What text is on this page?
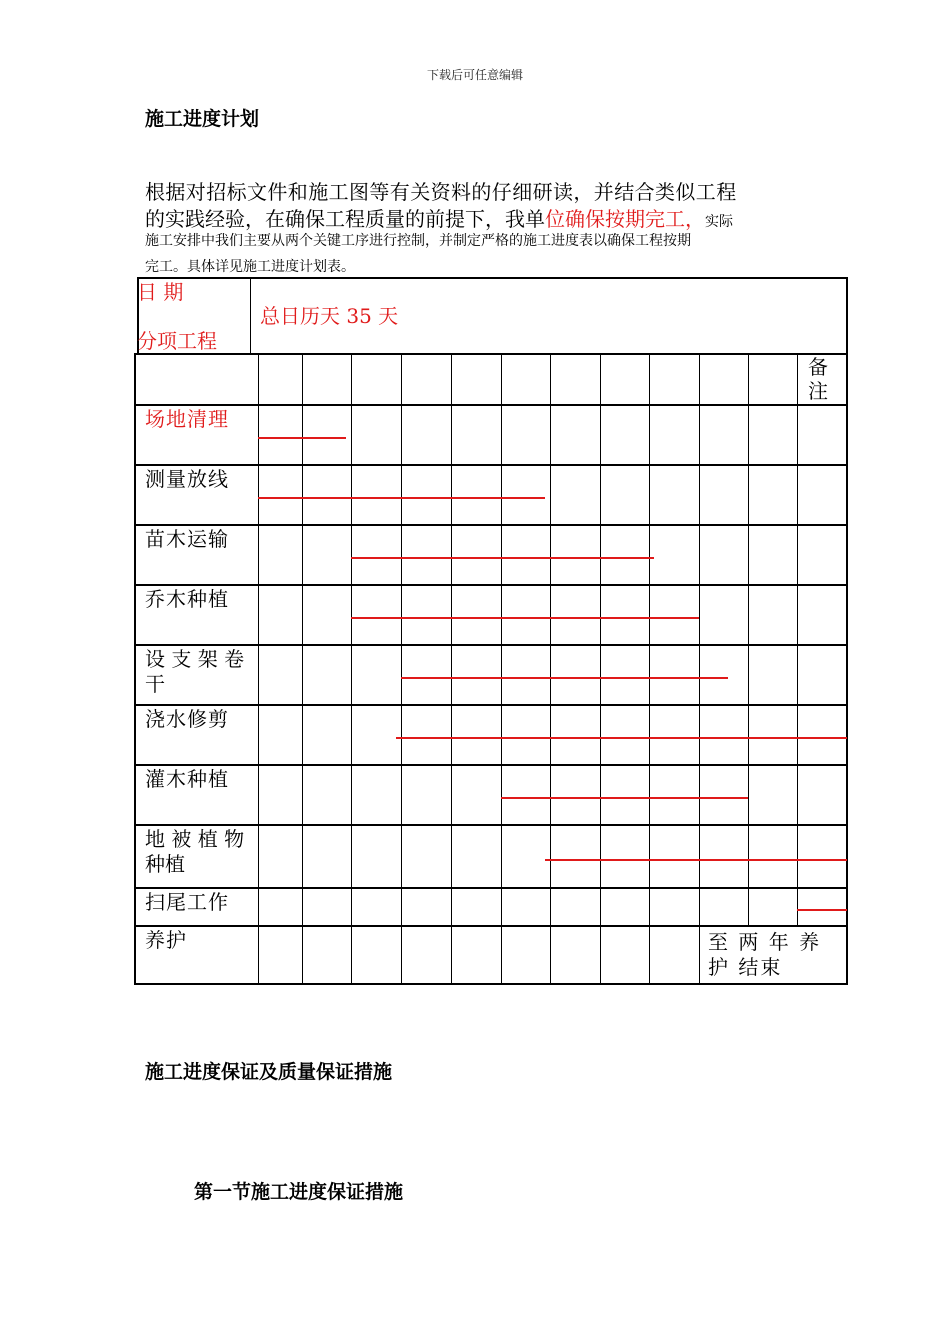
下载后可任意编辑
施工进度计划
根据对招标文件和施工图等有关资料的仔细研读，并结合类似工程
的实践经验，在确保工程质量的前提下，我单位确保按期完工，实际
施工安排中我们主要从两个关键工序进行控制，并制定严格的施工进度表以确保工程按期
完工。具体详见施工进度计划表。
日 期
分项工程
总日历天 35 天
备注
场地清理
测量放线
苗木运输
乔木种植
设 支 架 卷 干
浇水修剪
灌木种植
地 被 植 物 种植
扫尾工作
养护	至 两 年 养 护 结束
施工进度保证及质量保证措施
第一节施工进度保证措施
